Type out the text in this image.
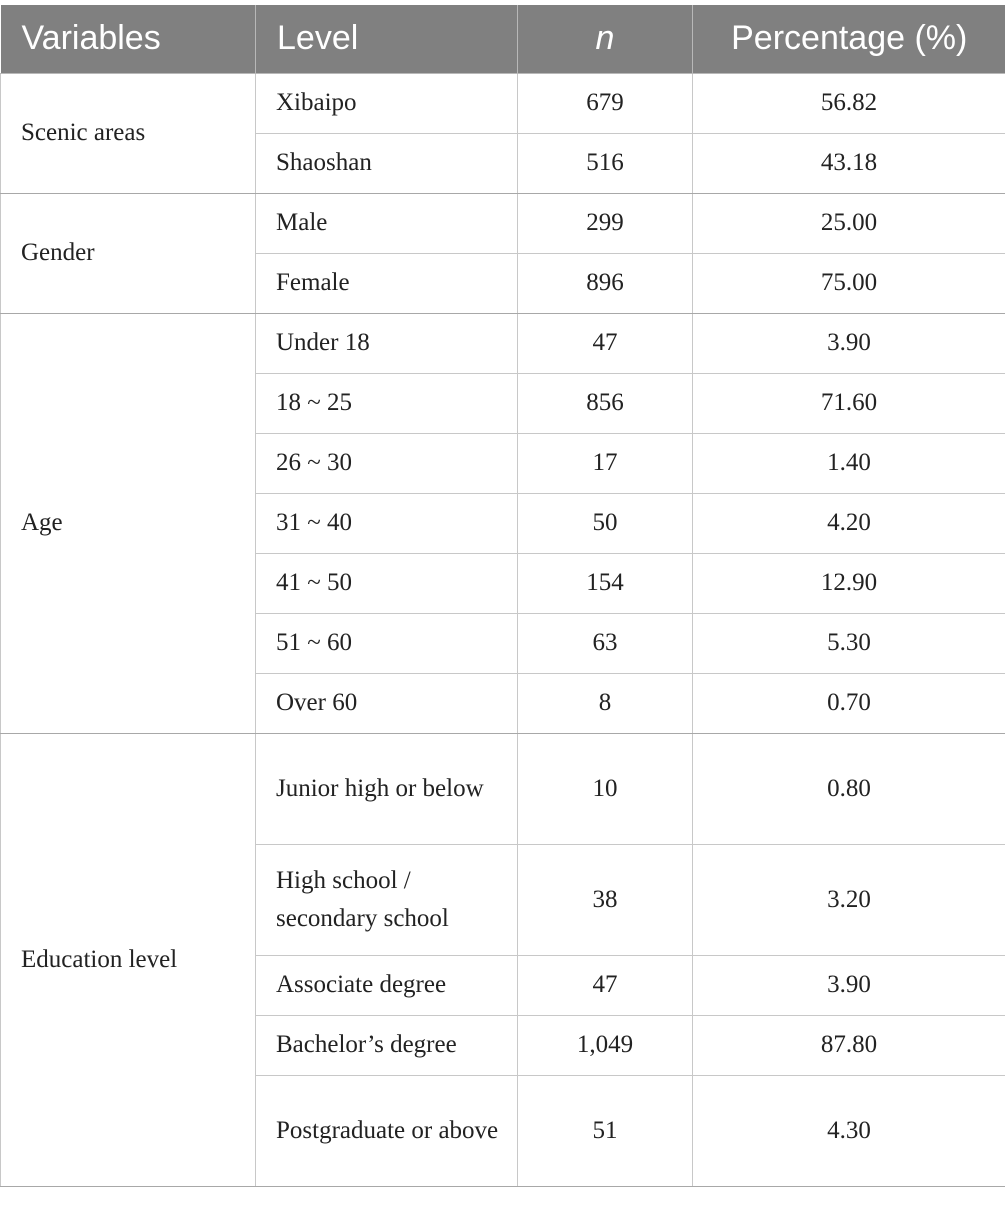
Variables	Level	n	Percentage (%)
Scenic areas	Xibaipo	679	56.82
	Shaoshan	516	43.18
Gender	Male	299	25.00
	Female	896	75.00
Age	Under 18	47	3.90
	18 ~ 25	856	71.60
	26 ~ 30	17	1.40
	31 ~ 40	50	4.20
	41 ~ 50	154	12.90
	51 ~ 60	63	5.30
	Over 60	8	0.70
Education level	Junior high or below	10	0.80
	High school / secondary school	38	3.20
	Associate degree	47	3.90
	Bachelor’s degree	1,049	87.80
	Postgraduate or above	51	4.30
